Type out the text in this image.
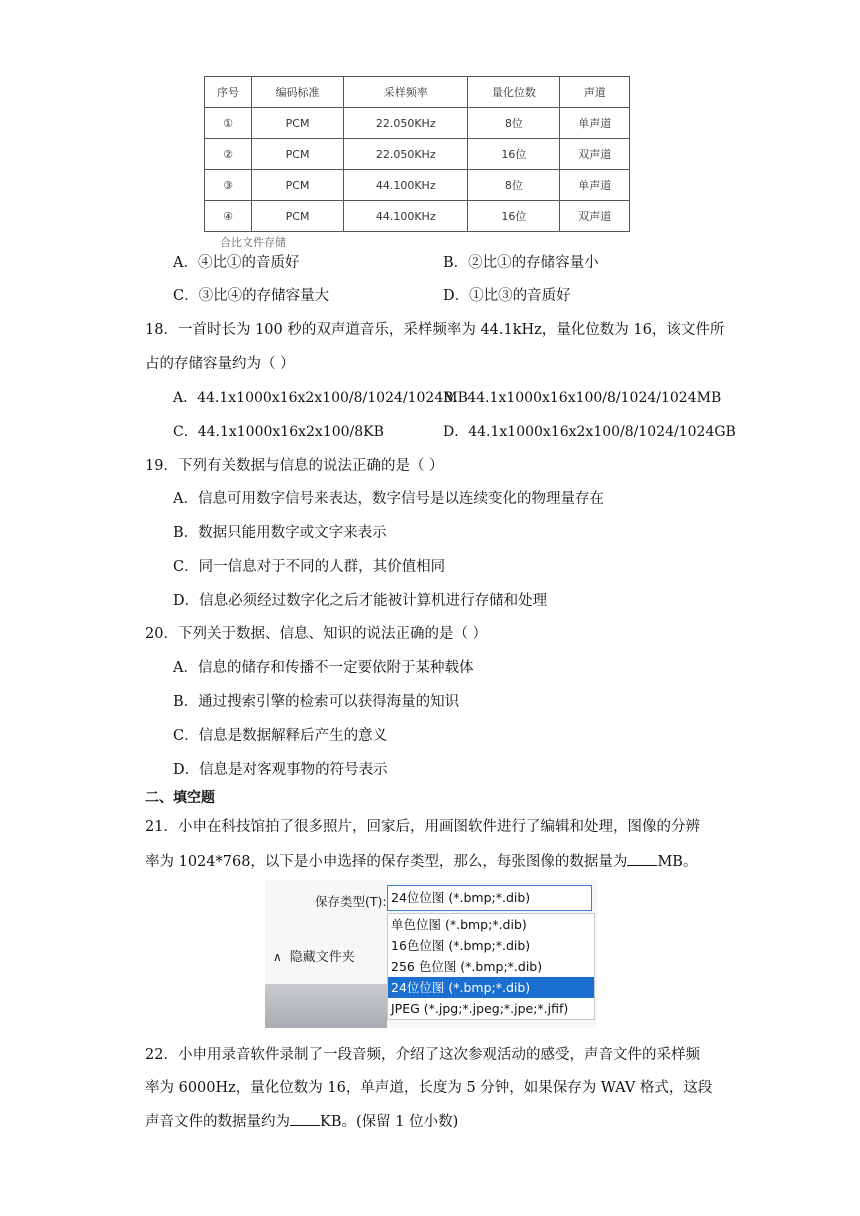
序号	编码标准	采样频率	量化位数	声道
①	PCM	22.050KHz	8位	单声道
②	PCM	22.050KHz	16位	双声道
③	PCM	44.100KHz	8位	单声道
④	PCM	44.100KHz	16位	双声道
合比文件存储
A．④比①的音质好	B．②比①的存储容量小
C．③比④的存储容量大	D．①比③的音质好
18．一首时长为 100 秒的双声道音乐，采样频率为 44.1kHz，量化位数为 16，该文件所
占的存储容量约为（ ）
A．44.1x1000x16x2x100/8/1024/1024MB
B．44.1x1000x16x100/8/1024/1024MB
C．44.1x1000x16x2x100/8KB	D．44.1x1000x16x2x100/8/1024/1024GB
19．下列有关数据与信息的说法正确的是（ ）
A．信息可用数字信号来表达，数字信号是以连续变化的物理量存在
B．数据只能用数字或文字来表示
C．同一信息对于不同的人群，其价值相同
D．信息必须经过数字化之后才能被计算机进行存储和处理
20．下列关于数据、信息、知识的说法正确的是（ ）
A．信息的储存和传播不一定要依附于某种载体
B．通过搜索引擎的检索可以获得海量的知识
C．信息是数据解释后产生的意义
D．信息是对客观事物的符号表示
二、填空题
21．小申在科技馆拍了很多照片，回家后，用画图软件进行了编辑和处理，图像的分辨
率为 1024*768，以下是小申选择的保存类型，那么，每张图像的数据量为 MB。
保存类型(T): 24位位图 (*.bmp;*.dib)
单色位图 (*.bmp;*.dib)
16色位图 (*.bmp;*.dib)
256 色位图 (*.bmp;*.dib)
24位位图 (*.bmp;*.dib)
JPEG (*.jpg;*.jpeg;*.jpe;*.jfif)
∧ 隐藏文件夹
22．小申用录音软件录制了一段音频，介绍了这次参观活动的感受，声音文件的采样频
率为 6000Hz，量化位数为 16，单声道，长度为 5 分钟，如果保存为 WAV 格式，这段
声音文件的数据量约为 KB。(保留 1 位小数)
